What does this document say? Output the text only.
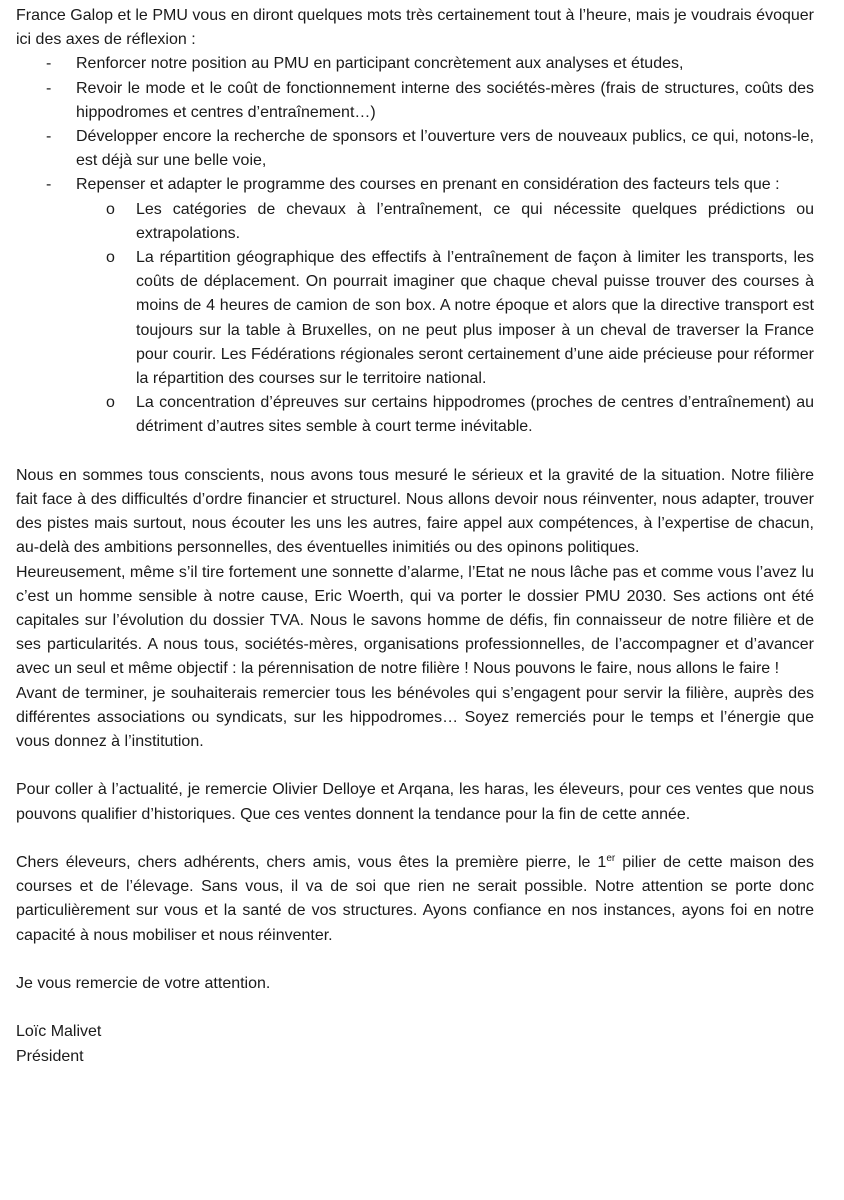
France Galop et le PMU vous en diront quelques mots très certainement tout à l’heure, mais je voudrais évoquer ici des axes de réflexion :

- Renforcer notre position au PMU en participant concrètement aux analyses et études,
- Revoir le mode et le coût de fonctionnement interne des sociétés-mères (frais de structures, coûts des hippodromes et centres d’entraînement…)
- Développer encore la recherche de sponsors et l’ouverture vers de nouveaux publics, ce qui, notons-le, est déjà sur une belle voie,
- Repenser et adapter le programme des courses en prenant en considération des facteurs tels que :
o Les catégories de chevaux à l’entraînement, ce qui nécessite quelques prédictions ou extrapolations.
o La répartition géographique des effectifs à l’entraînement de façon à limiter les transports, les coûts de déplacement. On pourrait imaginer que chaque cheval puisse trouver des courses à moins de 4 heures de camion de son box. A notre époque et alors que la directive transport est toujours sur la table à Bruxelles, on ne peut plus imposer à un cheval de traverser la France pour courir. Les Fédérations régionales seront certainement d’une aide précieuse pour réformer la répartition des courses sur le territoire national.
o La concentration d’épreuves sur certains hippodromes (proches de centres d’entraînement) au détriment d’autres sites semble à court terme inévitable.

Nous en sommes tous conscients, nous avons tous mesuré le sérieux et la gravité de la situation. Notre filière fait face à des difficultés d’ordre financier et structurel. Nous allons devoir nous réinventer, nous adapter, trouver des pistes mais surtout, nous écouter les uns les autres, faire appel aux compétences, à l’expertise de chacun, au-delà des ambitions personnelles, des éventuelles inimitiés ou des opinons politiques.

Heureusement, même s’il tire fortement une sonnette d’alarme, l’Etat ne nous lâche pas et comme vous l’avez lu c’est un homme sensible à notre cause, Eric Woerth, qui va porter le dossier PMU 2030. Ses actions ont été capitales sur l’évolution du dossier TVA. Nous le savons homme de défis, fin connaisseur de notre filière et de ses particularités. A nous tous, sociétés-mères, organisations professionnelles, de l’accompagner et d’avancer avec un seul et même objectif : la pérennisation de notre filière ! Nous pouvons le faire, nous allons le faire !

Avant de terminer, je souhaiterais remercier tous les bénévoles qui s’engagent pour servir la filière, auprès des différentes associations ou syndicats, sur les hippodromes… Soyez remerciés pour le temps et l’énergie que vous donnez à l’institution.

Pour coller à l’actualité, je remercie Olivier Delloye et Arqana, les haras, les éleveurs, pour ces ventes que nous pouvons qualifier d’historiques. Que ces ventes donnent la tendance pour la fin de cette année.

Chers éleveurs, chers adhérents, chers amis, vous êtes la première pierre, le 1er pilier de cette maison des courses et de l’élevage. Sans vous, il va de soi que rien ne serait possible. Notre attention se porte donc particulièrement sur vous et la santé de vos structures. Ayons confiance en nos instances, ayons foi en notre capacité à nous mobiliser et nous réinventer.

Je vous remercie de votre attention.

Loïc Malivet

Président
